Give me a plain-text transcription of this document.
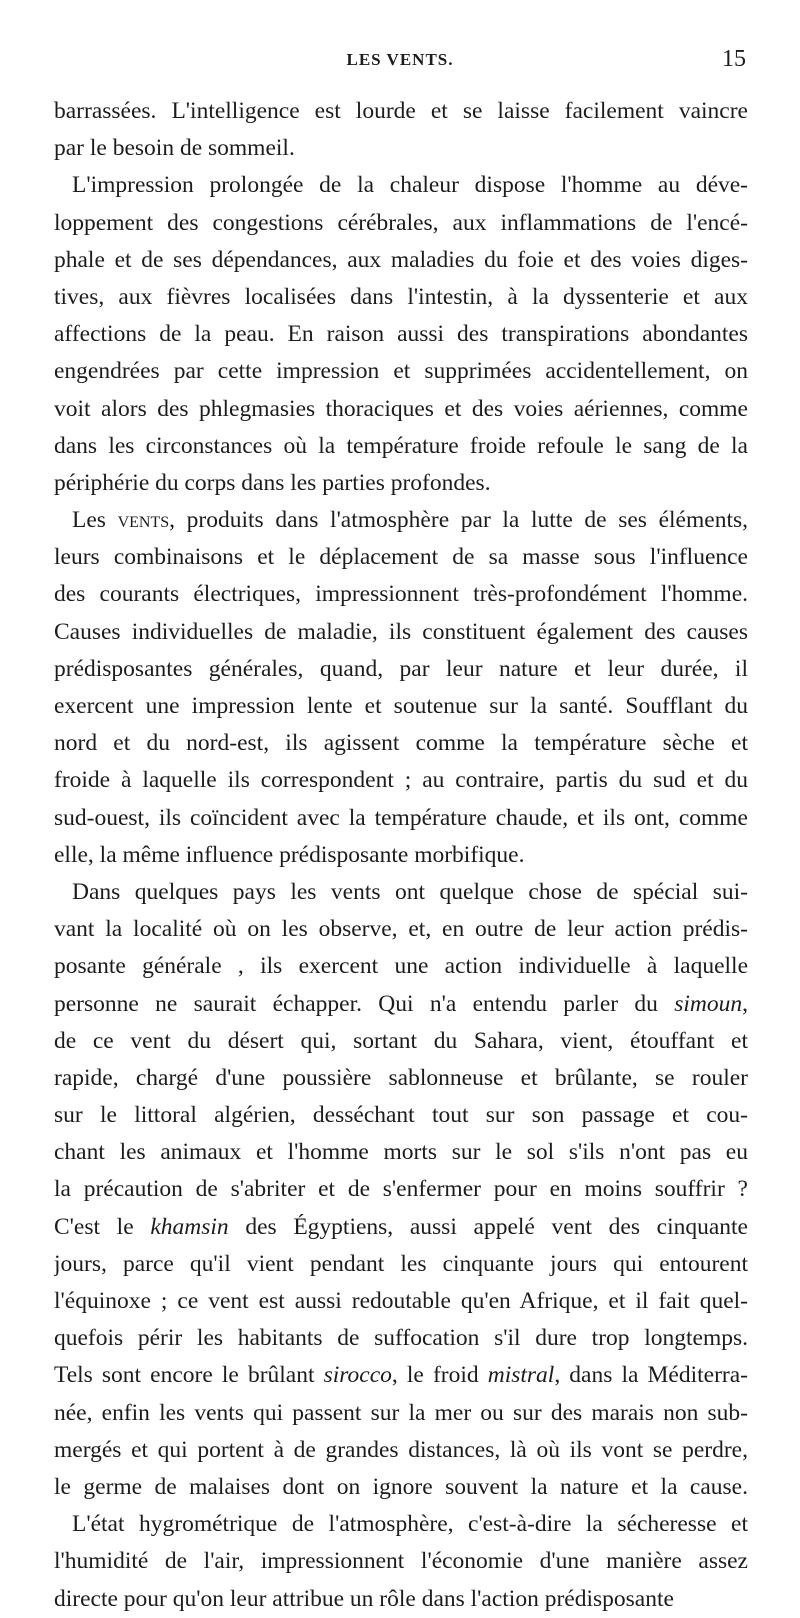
LES VENTS.	15
barrassées. L'intelligence est lourde et se laisse facilement vaincre
par le besoin de sommeil.
L'impression prolongée de la chaleur dispose l'homme au déve-
loppement des congestions cérébrales, aux inflammations de l'encé-
phale et de ses dépendances, aux maladies du foie et des voies diges-
tives, aux fièvres localisées dans l'intestin, à la dyssenterie et aux
affections de la peau. En raison aussi des transpirations abondantes
engendrées par cette impression et supprimées accidentellement, on
voit alors des phlegmasies thoraciques et des voies aériennes, comme
dans les circonstances où la température froide refoule le sang de la
périphérie du corps dans les parties profondes.
Les vents, produits dans l'atmosphère par la lutte de ses éléments,
leurs combinaisons et le déplacement de sa masse sous l'influence
des courants électriques, impressionnent très-profondément l'homme.
Causes individuelles de maladie, ils constituent également des causes
prédisposantes générales, quand, par leur nature et leur durée, il
exercent une impression lente et soutenue sur la santé. Soufflant du
nord et du nord-est, ils agissent comme la température sèche et
froide à laquelle ils correspondent ; au contraire, partis du sud et du
sud-ouest, ils coïncident avec la température chaude, et ils ont, comme
elle, la même influence prédisposante morbifique.
Dans quelques pays les vents ont quelque chose de spécial sui-
vant la localité où on les observe, et, en outre de leur action prédis-
posante générale , ils exercent une action individuelle à laquelle
personne ne saurait échapper. Qui n'a entendu parler du simoun,
de ce vent du désert qui, sortant du Sahara, vient, étouffant et
rapide, chargé d'une poussière sablonneuse et brûlante, se rouler
sur le littoral algérien, desséchant tout sur son passage et cou-
chant les animaux et l'homme morts sur le sol s'ils n'ont pas eu
la précaution de s'abriter et de s'enfermer pour en moins souffrir ?
C'est le khamsin des Égyptiens, aussi appelé vent des cinquante
jours, parce qu'il vient pendant les cinquante jours qui entourent
l'équinoxe ; ce vent est aussi redoutable qu'en Afrique, et il fait quel-
quefois périr les habitants de suffocation s'il dure trop longtemps.
Tels sont encore le brûlant sirocco, le froid mistral, dans la Méditerra-
née, enfin les vents qui passent sur la mer ou sur des marais non sub-
mergés et qui portent à de grandes distances, là où ils vont se perdre,
le germe de malaises dont on ignore souvent la nature et la cause.
L'état hygrométrique de l'atmosphère, c'est-à-dire la sécheresse et
l'humidité de l'air, impressionnent l'économie d'une manière assez
directe pour qu'on leur attribue un rôle dans l'action prédisposante
